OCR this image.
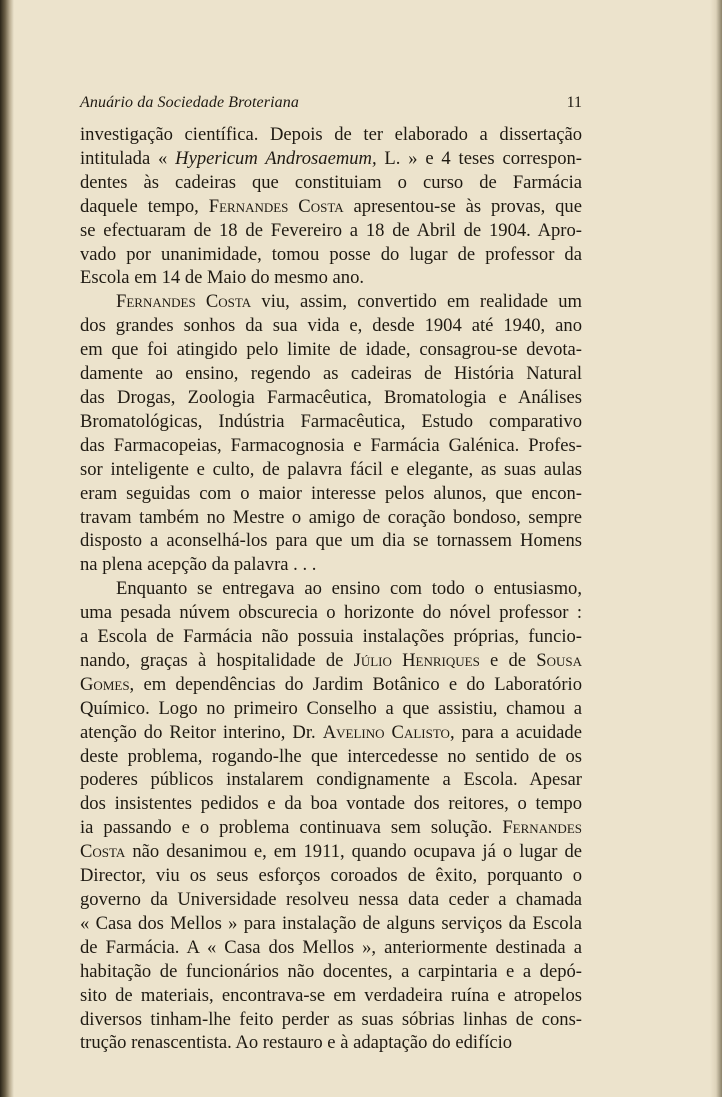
Anuário da Sociedade Broteriana	11
investigação científica. Depois de ter elaborado a dissertação
intitulada « Hypericum Androsaemum, L. » e 4 teses correspon-
dentes às cadeiras que constituiam o curso de Farmácia
daquele tempo, Fernandes Costa apresentou-se às provas, que
se efectuaram de 18 de Fevereiro a 18 de Abril de 1904. Apro-
vado por unanimidade, tomou posse do lugar de professor da
Escola em 14 de Maio do mesmo ano.
Fernandes Costa viu, assim, convertido em realidade um
dos grandes sonhos da sua vida e, desde 1904 até 1940, ano
em que foi atingido pelo limite de idade, consagrou-se devota-
damente ao ensino, regendo as cadeiras de História Natural
das Drogas, Zoologia Farmacêutica, Bromatologia e Análises
Bromatológicas, Indústria Farmacêutica, Estudo comparativo
das Farmacopeias, Farmacognosia e Farmácia Galénica. Profes-
sor inteligente e culto, de palavra fácil e elegante, as suas aulas
eram seguidas com o maior interesse pelos alunos, que encon-
travam também no Mestre o amigo de coração bondoso, sempre
disposto a aconselhá-los para que um dia se tornassem Homens
na plena acepção da palavra . . .
Enquanto se entregava ao ensino com todo o entusiasmo,
uma pesada núvem obscurecia o horizonte do nóvel professor :
a Escola de Farmácia não possuia instalações próprias, funcio-
nando, graças à hospitalidade de Júlio Henriques e de Sousa
Gomes, em dependências do Jardim Botânico e do Laboratório
Químico. Logo no primeiro Conselho a que assistiu, chamou a
atenção do Reitor interino, Dr. Avelino Calisto, para a acuidade
deste problema, rogando-lhe que intercedesse no sentido de os
poderes públicos instalarem condignamente a Escola. Apesar
dos insistentes pedidos e da boa vontade dos reitores, o tempo
ia passando e o problema continuava sem solução. Fernandes
Costa não desanimou e, em 1911, quando ocupava já o lugar de
Director, viu os seus esforços coroados de êxito, porquanto o
governo da Universidade resolveu nessa data ceder a chamada
« Casa dos Mellos » para instalação de alguns serviços da Escola
de Farmácia. A « Casa dos Mellos », anteriormente destinada a
habitação de funcionários não docentes, a carpintaria e a depó-
sito de materiais, encontrava-se em verdadeira ruína e atropelos
diversos tinham-lhe feito perder as suas sóbrias linhas de cons-
trução renascentista. Ao restauro e à adaptação do edifício
